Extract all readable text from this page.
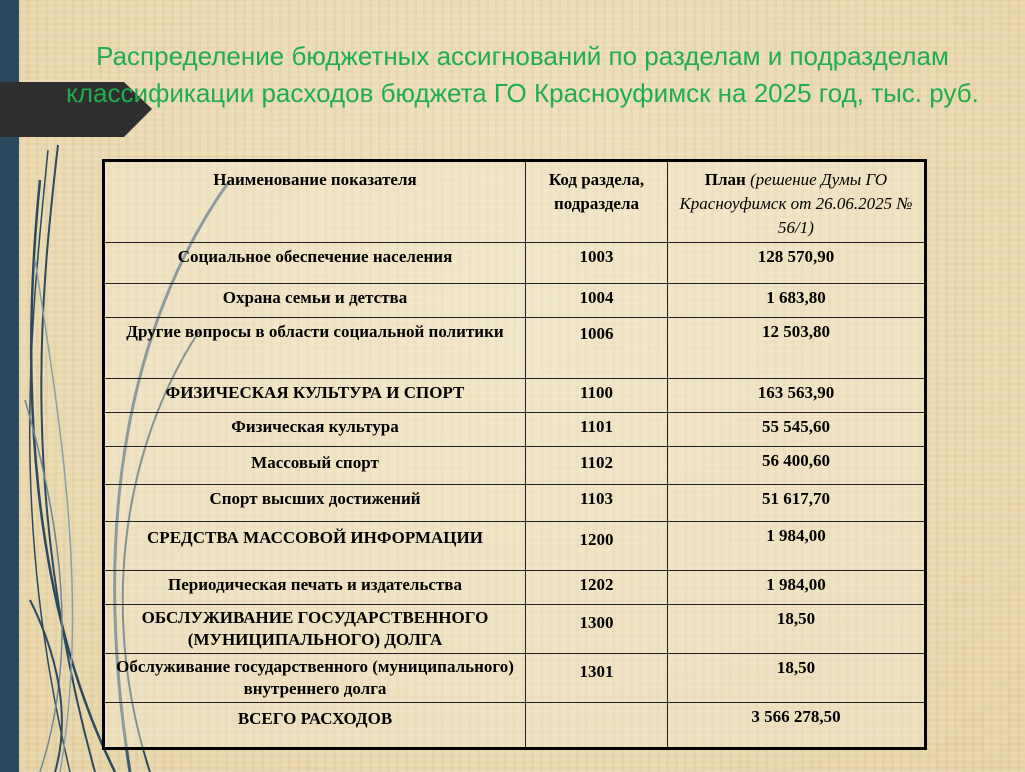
Распределение бюджетных ассигнований по разделам и подразделам классификации расходов бюджета ГО Красноуфимск на 2025 год, тыс. руб.
Наименование показателя	Код раздела, подраздела	План (решение Думы ГО Красноуфимск от 26.06.2025 № 56/1)
Социальное обеспечение населения	1003	128 570,90
Охрана семьи и детства	1004	1 683,80
Другие вопросы в области социальной политики	1006	12 503,80
ФИЗИЧЕСКАЯ КУЛЬТУРА И СПОРТ	1100	163 563,90
Физическая культура	1101	55 545,60
Массовый спорт	1102	56 400,60
Спорт высших достижений	1103	51 617,70
СРЕДСТВА МАССОВОЙ ИНФОРМАЦИИ	1200	1 984,00
Периодическая печать и издательства	1202	1 984,00
ОБСЛУЖИВАНИЕ ГОСУДАРСТВЕННОГО (МУНИЦИПАЛЬНОГО) ДОЛГА	1300	18,50
Обслуживание государственного (муниципального) внутреннего долга	1301	18,50
ВСЕГО РАСХОДОВ		3 566 278,50
